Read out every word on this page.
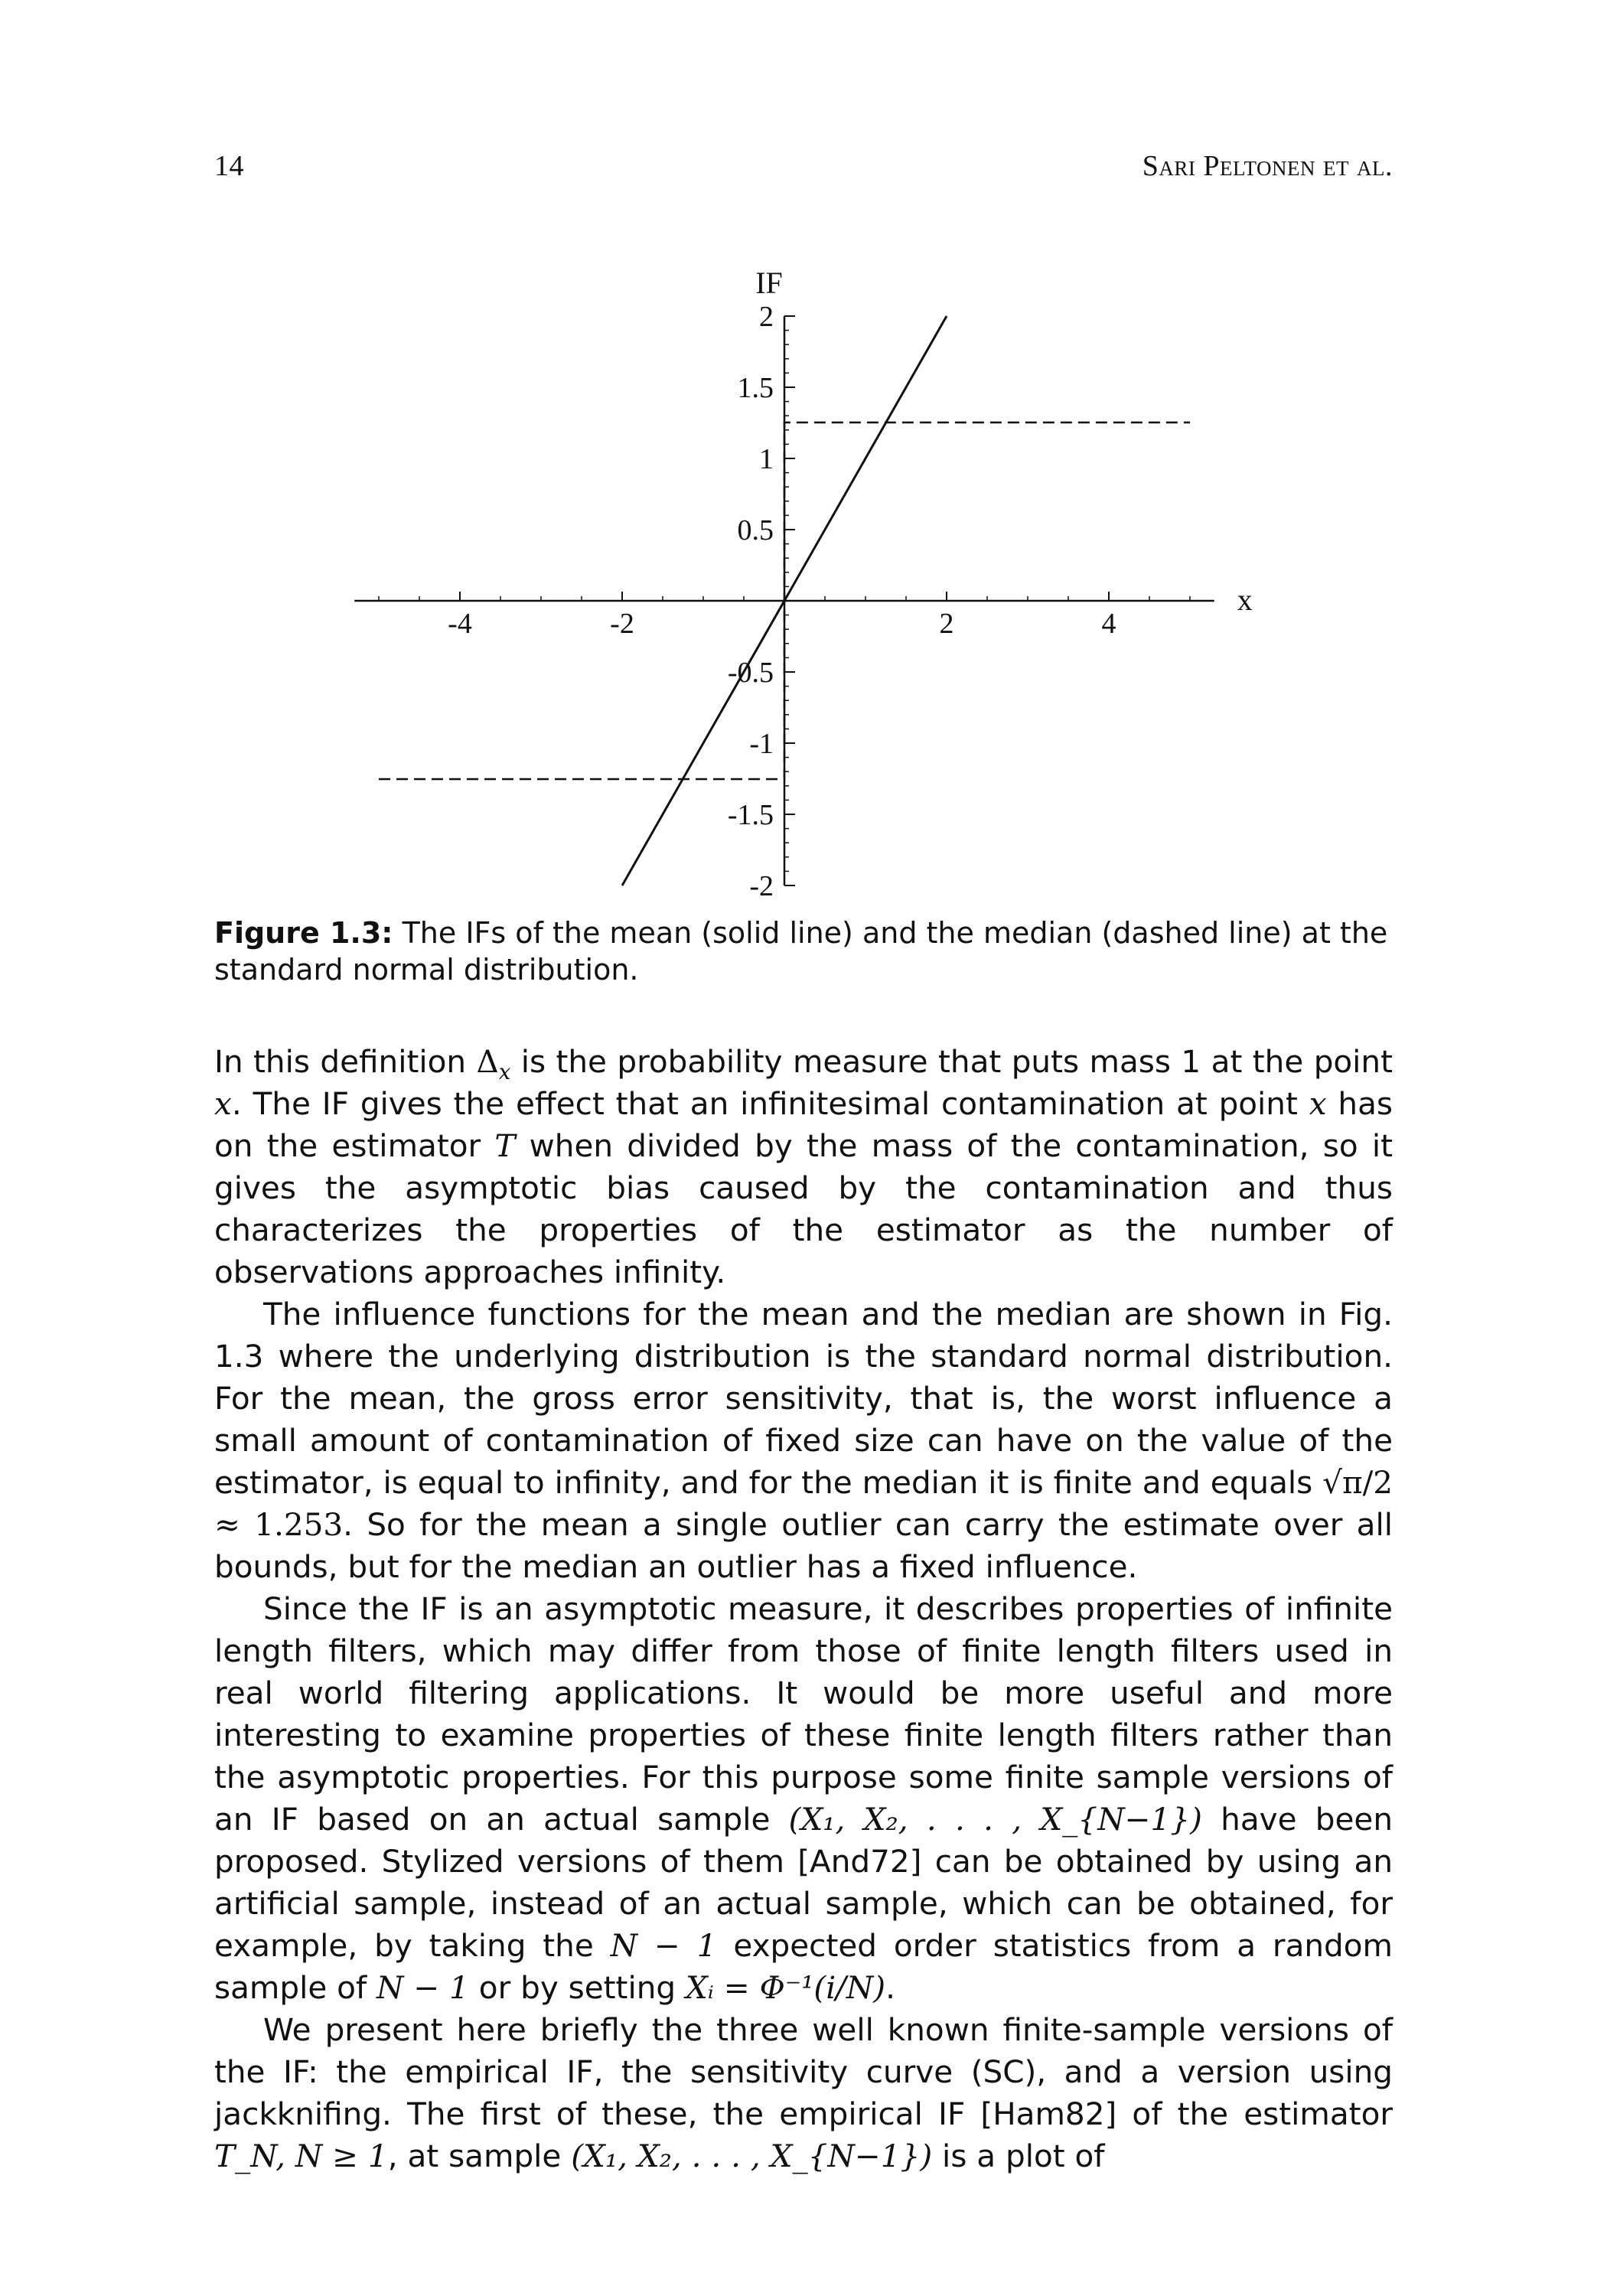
14	Sari Peltonen et al.
-4	-2	2	4
2
1.5
1
0.5
-0.5
-1
-1.5
-2
IF
x
Figure 1.3: The IFs of the mean (solid line) and the median (dashed line) at the standard normal distribution.

In this definition $\Delta_x$ is the probability measure that puts mass 1 at the point x. The IF gives the effect that an infinitesimal contamination at point x has on the estimator T when divided by the mass of the contamination, so it gives the asymptotic bias caused by the contamination and thus characterizes the properties of the estimator as the number of observations approaches infinity.

The influence functions for the mean and the median are shown in Fig. 1.3 where the underlying distribution is the standard normal distribution. For the mean, the gross error sensitivity, that is, the worst influence a small amount of contamination of fixed size can have on the value of the estimator, is equal to infinity, and for the median it is finite and equals √π/2 ≈ 1.253. So for the mean a single outlier can carry the estimate over all bounds, but for the median an outlier has a fixed influence.

Since the IF is an asymptotic measure, it describes properties of infinite length filters, which may differ from those of finite length filters used in real world filtering applications. It would be more useful and more interesting to examine properties of these finite length filters rather than the asymptotic properties. For this purpose some finite sample versions of an IF based on an actual sample (X₁, X₂, . . . , X_{N−1}) have been proposed. Stylized versions of them [And72] can be obtained by using an artificial sample, instead of an actual sample, which can be obtained, for example, by taking the N − 1 expected order statistics from a random sample of N − 1 or by setting Xᵢ = Φ⁻¹(i/N).

We present here briefly the three well known finite-sample versions of the IF: the empirical IF, the sensitivity curve (SC), and a version using jackknifing. The first of these, the empirical IF [Ham82] of the estimator T_N, N ≥ 1, at sample (X₁, X₂, . . . , X_{N−1}) is a plot of
